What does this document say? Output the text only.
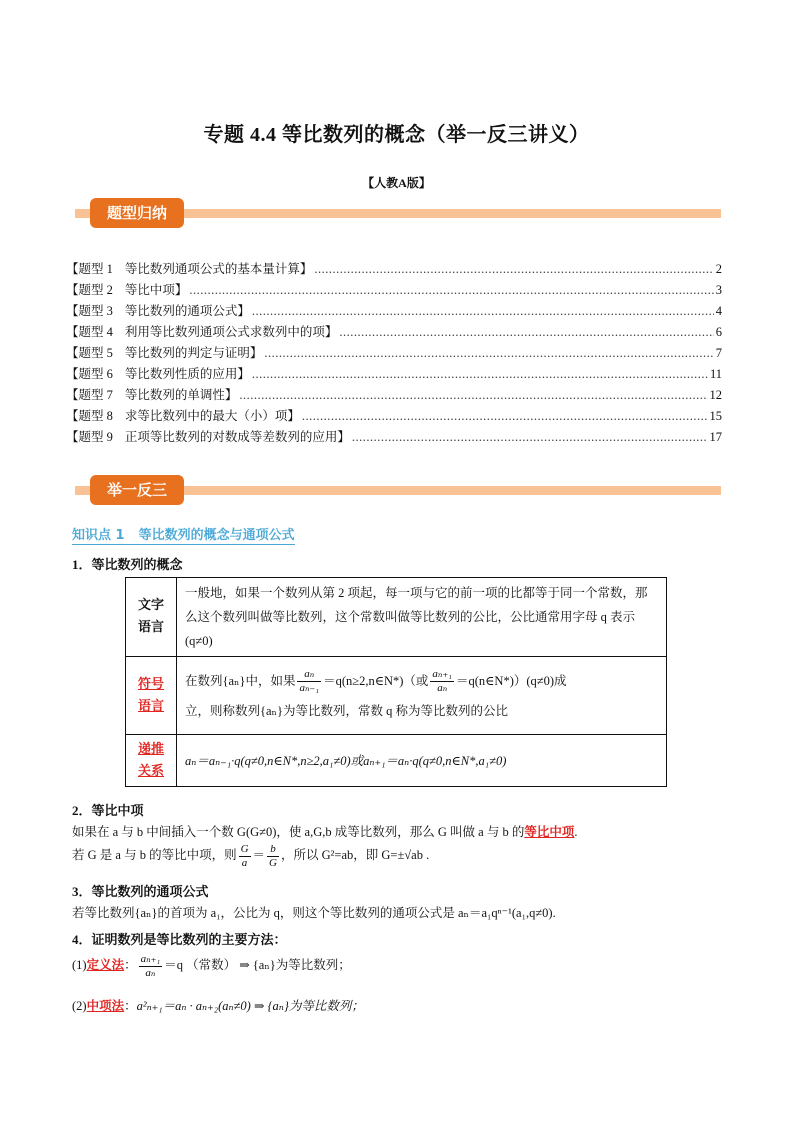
专题 4.4 等比数列的概念（举一反三讲义）
【人教A版】
题型归纳
【题型 1 等比数列通项公式的基本量计算】 .....	2
【题型 2 等比中项】 .....	3
【题型 3 等比数列的通项公式】 .....	4
【题型 4 利用等比数列通项公式求数列中的项】 .....	6
【题型 5 等比数列的判定与证明】 .....	7
【题型 6 等比数列性质的应用】 .....	11
【题型 7 等比数列的单调性】 .....	12
【题型 8 求等比数列中的最大（小）项】 .....	15
【题型 9 正项等比数列的对数成等差数列的应用】 .....	17
举一反三
知识点 1 等比数列的概念与通项公式
1．等比数列的概念
文字
语言	一般地，如果一个数列从第 2 项起，每一项与它的前一项的比都等于同一个常数，那么这个数列叫做等比数列，这个常数叫做等比数列的公比，公比通常用字母 q 表示(q≠0)

符号
语言
	在数列{aₙ}中，如果 $\frac{\text{aₙ}}{\text{aₙ₋₁}}$ ＝q(n≥2,n∈N*)（或 $\frac{\text{aₙ₊₁}}{\text{aₙ}}$ ＝q(n∈N*)）(q≠0)成
立，则称数列{aₙ}为等比数列，常数 q 称为等比数列的公比

递推
关系	aₙ＝aₙ₋₁·q(q≠0,n∈N*,n≥2,a₁≠0)或aₙ₊₁＝aₙ·q(q≠0,n∈N*,a₁≠0)
2．等比中项
如果在 a 与 b 中间插入一个数 G(G≠0)，使 a,G,b 成等比数列，那么 G 叫做 a 与 b 的等比中项.
若 G 是 a 与 b 的等比中项，则 $\frac{G}{a} = \frac{b}{G}$ ，所以 G²=ab，即 G=±√ab .
3．等比数列的通项公式
若等比数列{aₙ}的首项为 a₁，公比为 q，则这个等比数列的通项公式是 aₙ＝a₁qⁿ⁻¹(a₁,q≠0).
4．证明数列是等比数列的主要方法：
(1)定义法： $\frac{\text{aₙ₊₁}}{\text{aₙ}} =q$ （常数） ⇒ {aₙ}为等比数列；
(2)中项法：a²ₙ₊₁＝aₙ · aₙ₊₂(aₙ≠0) ⇒ {aₙ}为等比数列；
